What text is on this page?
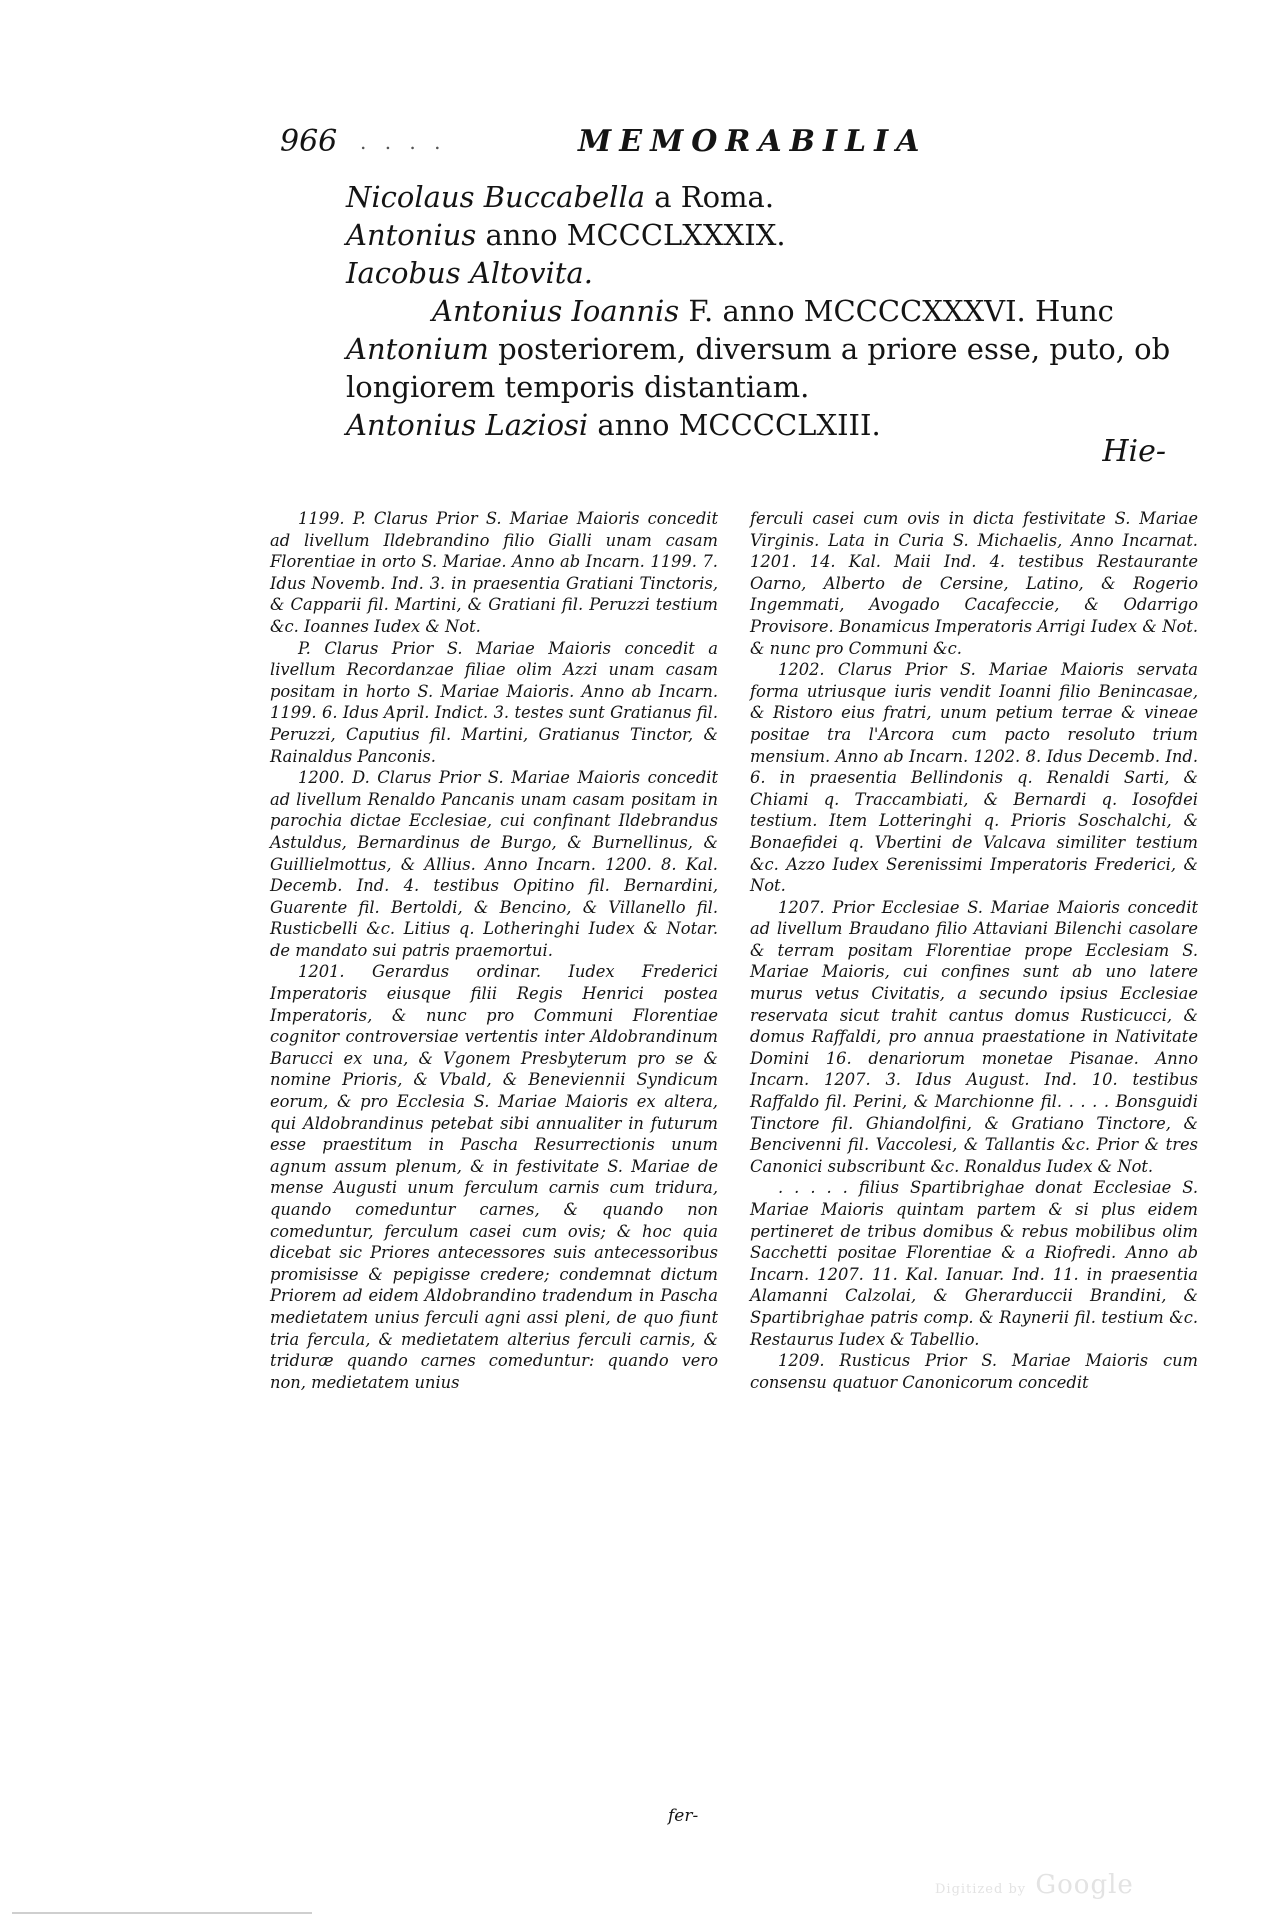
966 . . . .	MEMORABILIA

Nicolaus Buccabella a Roma.

Antonius anno MCCCLXXXIX.

Iacobus Altovita.

Antonius Ioannis F. anno MCCCCXXXVI. Hunc Antonium posteriorem, diversum a priore esse, puto, ob longiorem temporis distantiam.

Antonius Laziosi anno MCCCCLXIII.

Hie-

1199. P. Clarus Prior S. Mariae Maioris concedit ad livellum Ildebrandino filio Gialli unam casam Florentiae in orto S. Mariae. Anno ab Incarn. 1199. 7. Idus Novemb. Ind. 3. in praesentia Gratiani Tinctoris, & Capparii fil. Martini, & Gratiani fil. Peruzzi testium &c. Ioannes Iudex & Not.

P. Clarus Prior S. Mariae Maioris concedit a livellum Recordanzae filiae olim Azzi unam casam positam in horto S. Mariae Maioris. Anno ab Incarn. 1199. 6. Idus April. Indict. 3. testes sunt Gratianus fil. Peruzzi, Caputius fil. Martini, Gratianus Tinctor, & Rainaldus Panconis.

1200. D. Clarus Prior S. Mariae Maioris concedit ad livellum Renaldo Pancanis unam casam positam in parochia dictae Ecclesiae, cui confinant Ildebrandus Astuldus, Bernardinus de Burgo, & Burnellinus, & Guillielmottus, & Allius. Anno Incarn. 1200. 8. Kal. Decemb. Ind. 4. testibus Opitino fil. Bernardini, Guarente fil. Bertoldi, & Bencino, & Villanello fil. Rusticbelli &c. Litius q. Lotheringhi Iudex & Notar. de mandato sui patris praemortui.

1201. Gerardus ordinar. Iudex Frederici Imperatoris eiusque filii Regis Henrici postea Imperatoris, & nunc pro Communi Florentiae cognitor controversiae vertentis inter Aldobrandinum Barucci ex una, & Vgonem Presbyterum pro se & nomine Prioris, & Vbald, & Beneviennii Syndicum eorum, & pro Ecclesia S. Mariae Maioris ex altera, qui Aldobrandinus petebat sibi annualiter in futurum esse praestitum in Pascha Resurrectionis unum agnum assum plenum, & in festivitate S. Mariae de mense Augusti unum ferculum carnis cum tridura, quando comeduntur carnes, & quando non comeduntur, ferculum casei cum ovis; & hoc quia dicebat sic Priores antecessores suis antecessoribus promisisse & pepigisse credere; condemnat dictum Priorem ad eidem Aldobrandino tradendum in Pascha medietatem unius ferculi agni assi pleni, de quo fiunt tria fercula, & medietatem alterius ferculi carnis, & triduræ quando carnes comeduntur: quando vero non, medietatem unius

fer-

ferculi casei cum ovis in dicta festivitate S. Mariae Virginis. Lata in Curia S. Michaelis, Anno Incarnat. 1201. 14. Kal. Maii Ind. 4. testibus Restaurante Oarno, Alberto de Cersine, Latino, & Rogerio Ingemmati, Avogado Cacafeccie, & Odarrigo Provisore. Bonamicus Imperatoris Arrigi Iudex & Not. & nunc pro Communi &c.

1202. Clarus Prior S. Mariae Maioris servata forma utriusque iuris vendit Ioanni filio Benincasae, & Ristoro eius fratri, unum petium terrae & vineae positae tra l'Arcora cum pacto resoluto trium mensium. Anno ab Incarn. 1202. 8. Idus Decemb. Ind. 6. in praesentia Bellindonis q. Renaldi Sarti, & Chiami q. Traccambiati, & Bernardi q. Iosofdei testium. Item Lotteringhi q. Prioris Soschalchi, & Bonaefidei q. Vbertini de Valcava similiter testium &c. Azzo Iudex Serenissimi Imperatoris Frederici, & Not.

1207. Prior Ecclesiae S. Mariae Maioris concedit ad livellum Braudano filio Attaviani Bilenchi casolare & terram positam Florentiae prope Ecclesiam S. Mariae Maioris, cui confines sunt ab uno latere murus vetus Civitatis, a secundo ipsius Ecclesiae reservata sicut trahit cantus domus Rusticucci, & domus Raffaldi, pro annua praestatione in Nativitate Domini 16. denariorum monetae Pisanae. Anno Incarn. 1207. 3. Idus August. Ind. 10. testibus Raffaldo fil. Perini, & Marchionne fil. . . . . Bonsguidi Tinctore fil. Ghiandolfini, & Gratiano Tinctore, & Bencivenni fil. Vaccolesi, & Tallantis &c. Prior & tres Canonici subscribunt &c. Ronaldus Iudex & Not.

. . . . . filius Spartibrighae donat Ecclesiae S. Mariae Maioris quintam partem & si plus eidem pertineret de tribus domibus & rebus mobilibus olim Sacchetti positae Florentiae & a Riofredi. Anno ab Incarn. 1207. 11. Kal. Ianuar. Ind. 11. in praesentia Alamanni Calzolai, & Gherarduccii Brandini, & Spartibrighae patris comp. & Raynerii fil. testium &c. Restaurus Iudex & Tabellio.

1209. Rusticus Prior S. Mariae Maioris cum consensu quatuor Canonicorum concedit

Digitized by Google
